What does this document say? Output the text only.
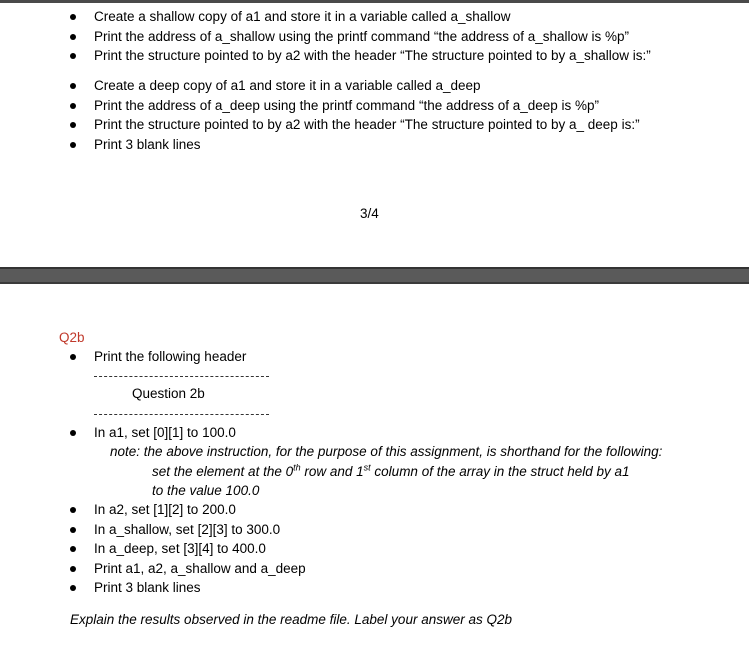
Create a shallow copy of a1 and store it in a variable called a_shallow
Print the address of a_shallow using the printf command “the address of a_shallow is %p”
Print the structure pointed to by a2 with the header “The structure pointed to by a_shallow is:”
Create a deep copy of a1 and store it in a variable called a_deep
Print the address of a_deep using the printf command “the address of a_deep is %p”
Print the structure pointed to by a2 with the header “The structure pointed to by a_ deep is:”
Print 3 blank lines
3/4
Q2b
Print the following header
Question 2b
In a1, set [0][1] to 100.0
note: the above instruction, for the purpose of this assignment, is shorthand for the following:
set the element at the 0th row and 1st column of the array in the struct held by a1
to the value 100.0
In a2, set [1][2] to 200.0
In a_shallow, set [2][3] to 300.0
In a_deep, set [3][4] to 400.0
Print a1, a2, a_shallow and a_deep
Print 3 blank lines
Explain the results observed in the readme file. Label your answer as Q2b
